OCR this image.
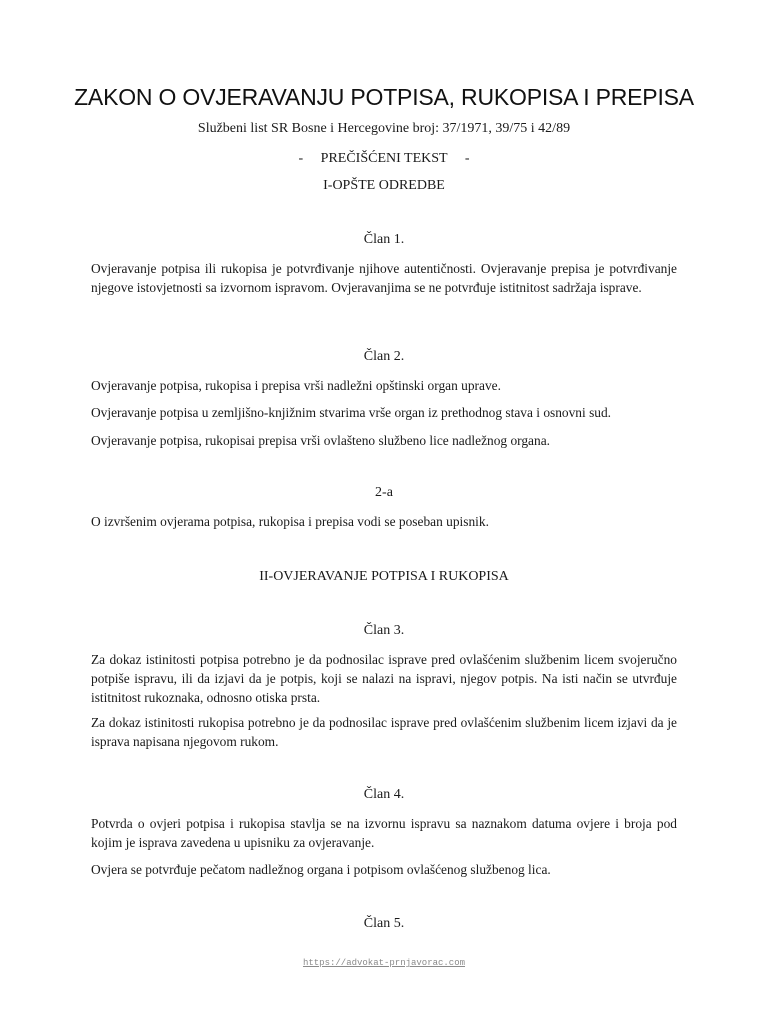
ZAKON O OVJERAVANJU POTPISA, RUKOPISA I PREPISA
Službeni list SR Bosne i Hercegovine broj: 37/1971, 39/75 i 42/89
-     PREČIŠĆENI TEKST     -
I-OPŠTE ODREDBE
Član 1.

Ovjeravanje potpisa ili rukopisa je potvrđivanje njihove autentičnosti. Ovjeravanje prepisa je potvrđivanje njegove istovjetnosti sa izvornom ispravom. Ovjeravanjima se ne potvrđuje istitnitost sadržaja isprave.

Član 2.

Ovjeravanje potpisa, rukopisa i prepisa vrši nadležni opštinski organ uprave.

Ovjeravanje potpisa u zemljišno-knjižnim stvarima vrše organ iz prethodnog stava i osnovni sud.

Ovjeravanje potpisa, rukopisai prepisa vrši ovlašteno službeno lice nadležnog organa.

2-a

O izvršenim ovjerama potpisa, rukopisa i prepisa vodi se poseban upisnik.

II-OVJERAVANJE POTPISA I RUKOPISA
Član 3.

Za dokaz istinitosti potpisa potrebno je da podnosilac isprave pred ovlašćenim službenim licem svojeručno potpiše ispravu, ili da izjavi da je potpis, koji se nalazi na ispravi, njegov potpis. Na isti način se utvrđuje istitnitost rukoznaka, odnosno otiska prsta.

Za dokaz istinitosti rukopisa potrebno je da podnosilac isprave pred ovlašćenim službenim licem izjavi da je isprava napisana njegovom rukom.

Član 4.

Potvrda o ovjeri potpisa i rukopisa stavlja se na izvornu ispravu sa naznakom datuma ovjere i broja pod kojim je isprava zavedena u upisniku za ovjeravanje.

Ovjera se potvrđuje pečatom nadležnog organa i potpisom ovlašćenog službenog lica.

Član 5.
https://advokat-prnjavorac.com
